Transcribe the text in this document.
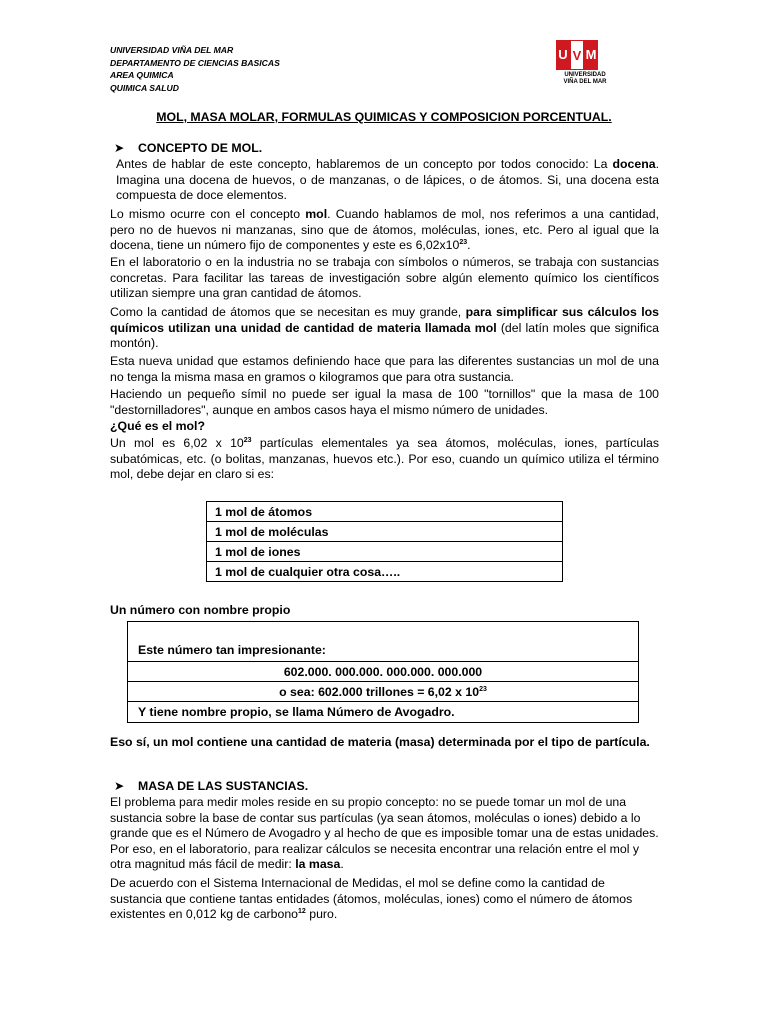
UNIVERSIDAD VIÑA DEL MAR
DEPARTAMENTO DE CIENCIAS BASICAS
AREA QUIMICA
QUIMICA SALUD
U V M
UNIVERSIDAD
VIÑA DEL MAR
MOL, MASA MOLAR, FORMULAS QUIMICAS Y COMPOSICION PORCENTUAL.
➤ CONCEPTO DE MOL.

Antes de hablar de este concepto, hablaremos de un concepto por todos conocido: La docena. Imagina una docena de huevos, o de manzanas, o de lápices, o de átomos. Si, una docena esta compuesta de doce elementos.

Lo mismo ocurre con el concepto mol. Cuando hablamos de mol, nos referimos a una cantidad, pero no de huevos ni manzanas, sino que de átomos, moléculas, iones, etc. Pero al igual que la docena, tiene un número fijo de componentes y este es $6,02x10^{23}$.

En el laboratorio o en la industria no se trabaja con símbolos o números, se trabaja con sustancias concretas. Para facilitar las tareas de investigación sobre algún elemento químico los científicos utilizan siempre una gran cantidad de átomos.

Como la cantidad de átomos que se necesitan es muy grande, para simplificar sus cálculos los químicos utilizan una unidad de cantidad de materia llamada mol (del latín moles que significa montón).

Esta nueva unidad que estamos definiendo hace que para las diferentes sustancias un mol de una no tenga la misma masa en gramos o kilogramos que para otra sustancia.

Haciendo un pequeño símil no puede ser igual la masa de 100 "tornillos" que la masa de 100 "destornilladores", aunque en ambos casos haya el mismo número de unidades.

¿Qué es el mol?

Un mol es 6,02 x $10^{23}$ partículas elementales ya sea átomos, moléculas, iones, partículas subatómicas, etc. (o bolitas, manzanas, huevos etc.). Por eso, cuando un químico utiliza el término mol, debe dejar en claro si es:

1 mol de átomos
1 mol de moléculas
1 mol de iones
1 mol de cualquier otra cosa…..

Un número con nombre propio

Este número tan impresionante:
602.000. 000.000. 000.000. 000.000
o sea: 602.000 trillones = 6,02 x $10^{23}$
Y tiene nombre propio, se llama Número de Avogadro.

Eso sí, un mol contiene una cantidad de materia (masa) determinada por el tipo de partícula.

➤ MASA DE LAS SUSTANCIAS.

El problema para medir moles reside en su propio concepto: no se puede tomar un mol de una sustancia sobre la base de contar sus partículas (ya sean átomos, moléculas o iones) debido a lo grande que es el Número de Avogadro y al hecho de que es imposible tomar una de estas unidades. Por eso, en el laboratorio, para realizar cálculos se necesita encontrar una relación entre el mol y otra magnitud más fácil de medir: la masa.

De acuerdo con el Sistema Internacional de Medidas, el mol se define como la cantidad de sustancia que contiene tantas entidades (átomos, moléculas, iones) como el número de átomos existentes en 0,012 kg de carbono$^{12}$ puro.
